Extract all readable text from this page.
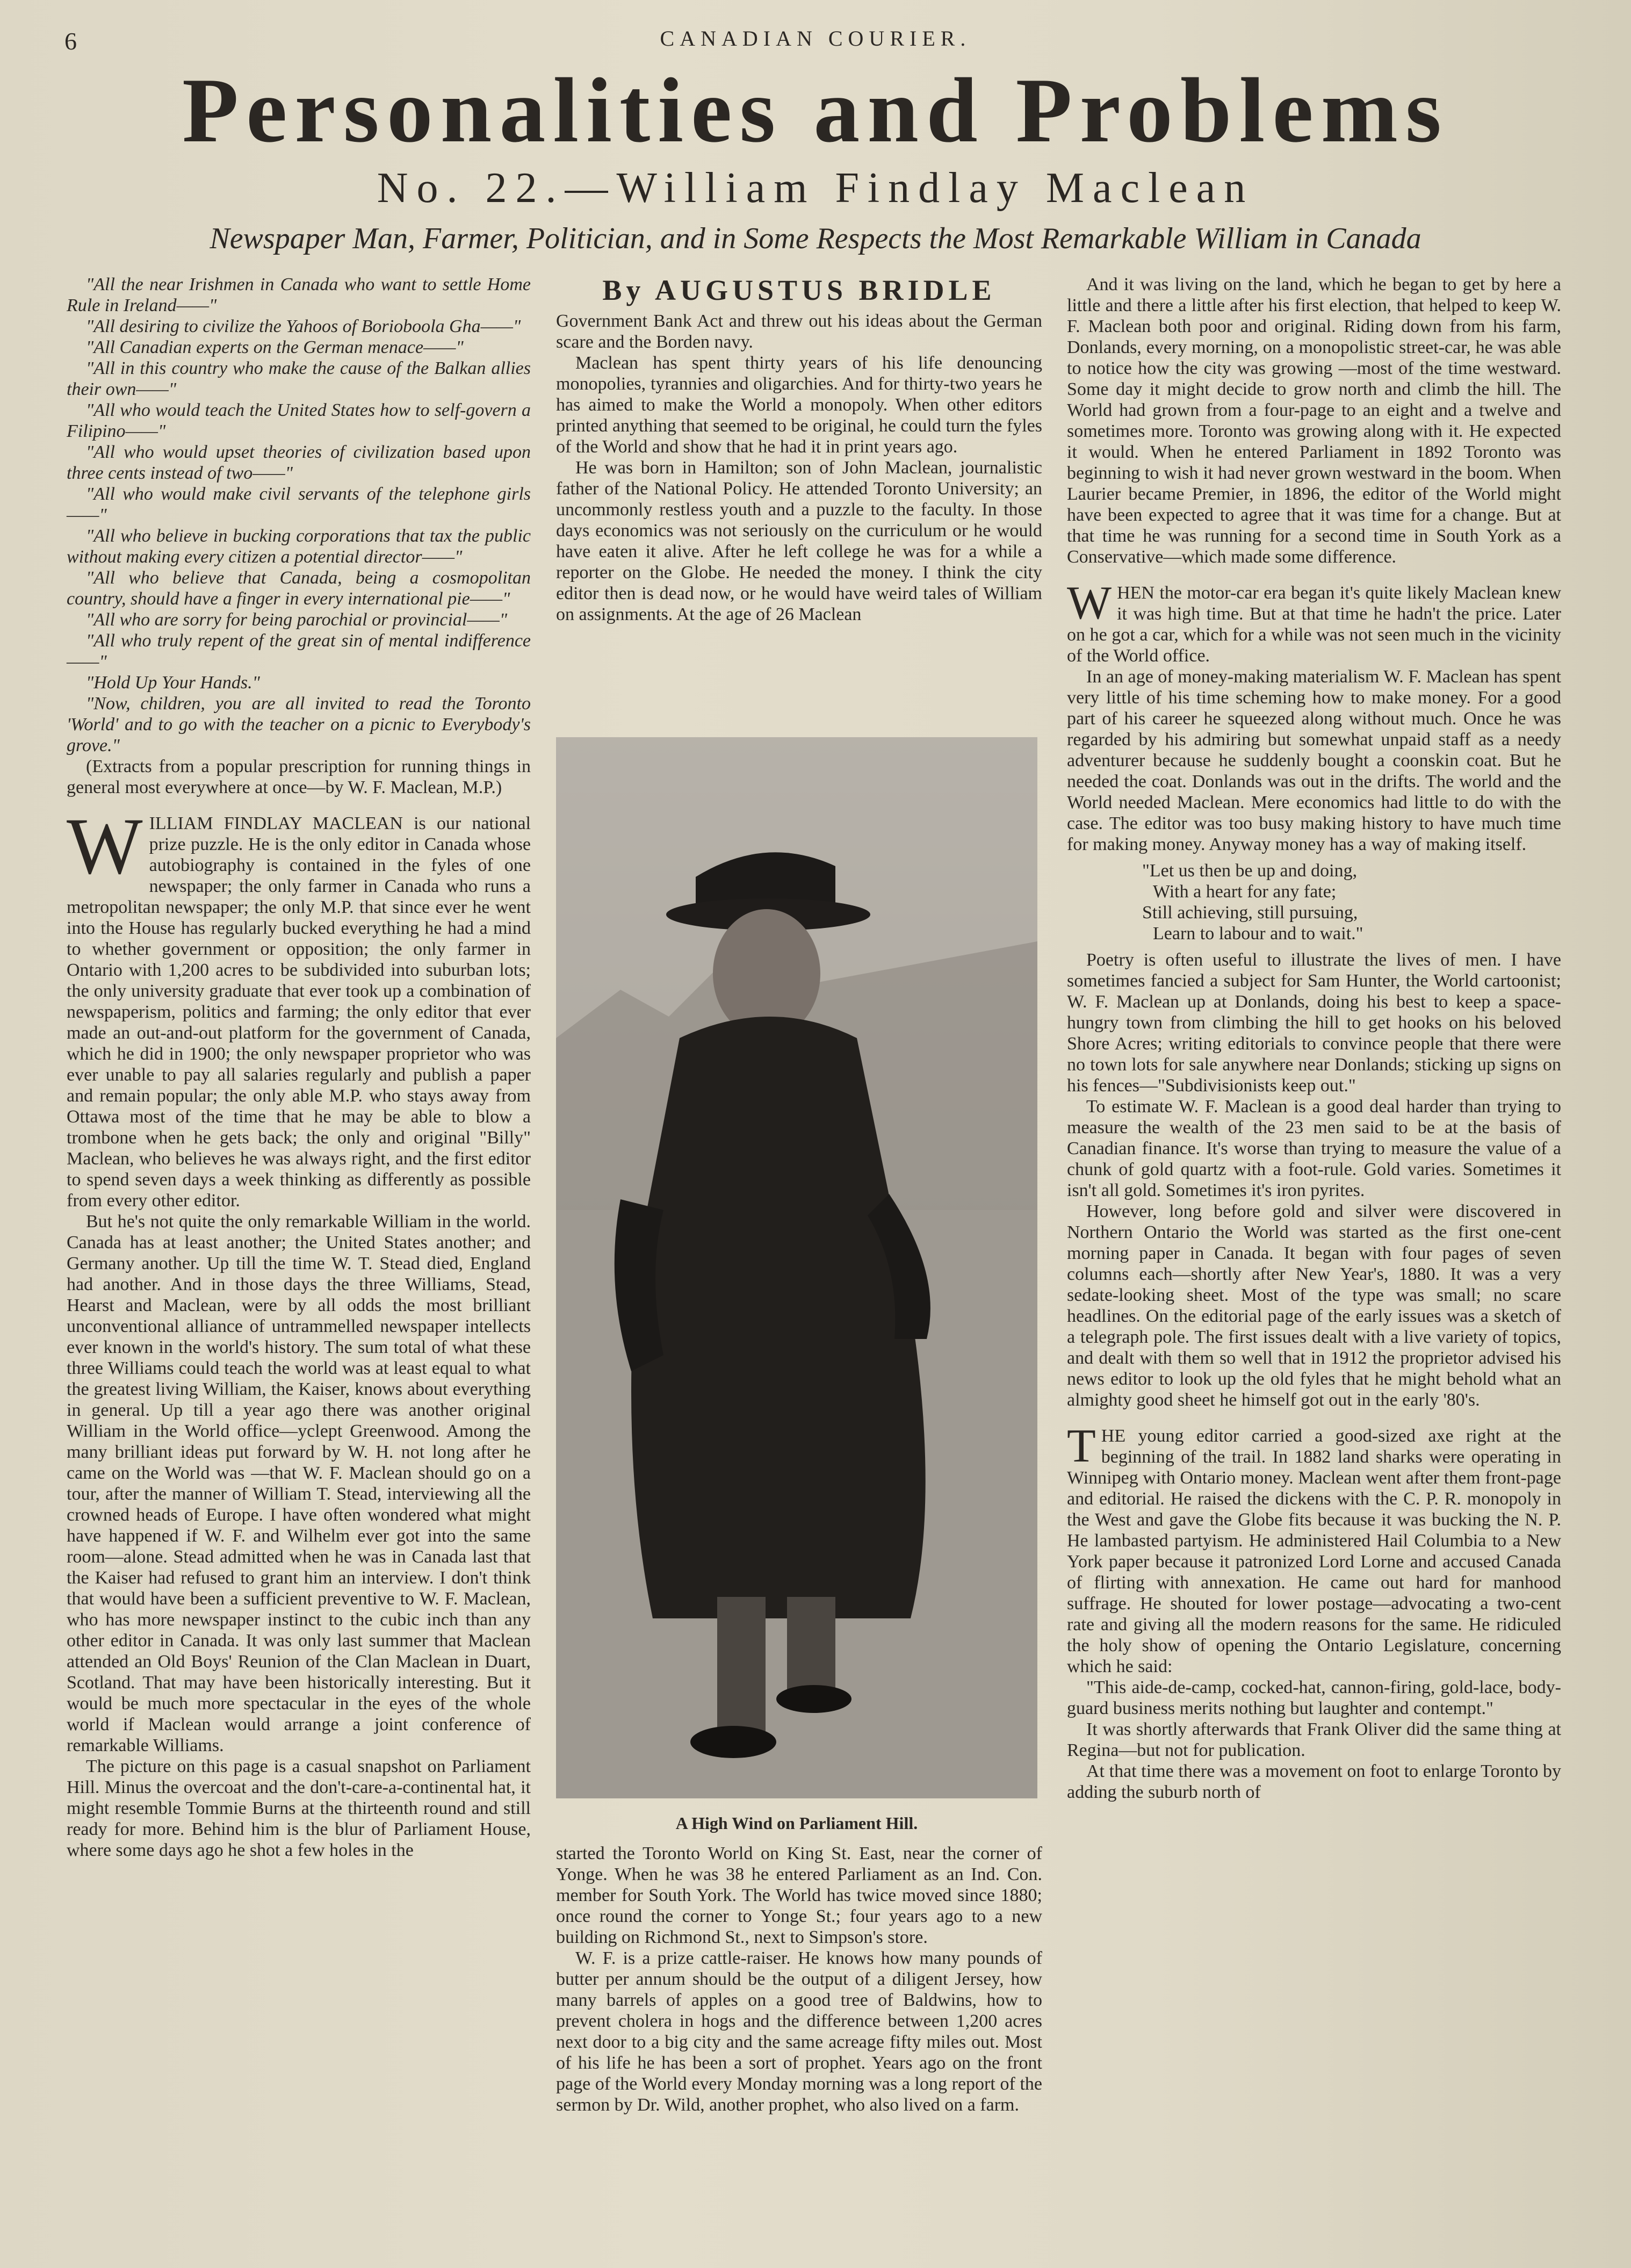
6	CANADIAN COURIER.
Personalities and Problems
No. 22.—William Findlay Maclean
Newspaper Man, Farmer, Politician, and in Some Respects the Most Remarkable William in Canada

"All the near Irishmen in Canada who want to settle Home Rule in Ireland——"

"All desiring to civilize the Yahoos of Borioboola Gha——"

"All Canadian experts on the German menace——"

"All in this country who make the cause of the Balkan allies their own——"

"All who would teach the United States how to self-govern a Filipino——"

"All who would upset theories of civilization based upon three cents instead of two——"

"All who would make civil servants of the telephone girls——"

"All who believe in bucking corporations that tax the public without making every citizen a potential director——"

"All who believe that Canada, being a cosmopolitan country, should have a finger in every international pie——"

"All who are sorry for being parochial or provincial——"

"All who truly repent of the great sin of mental indifference——"

"Hold Up Your Hands."

"Now, children, you are all invited to read the Toronto 'World' and to go with the teacher on a picnic to Everybody's grove."

(Extracts from a popular prescription for running things in general most everywhere at once—by W. F. Maclean, M.P.)

WILLIAM FINDLAY MACLEAN is our national prize puzzle. He is the only editor in Canada whose autobiography is contained in the fyles of one newspaper; the only farmer in Canada who runs a metropolitan newspaper; the only M.P. that since ever he went into the House has regularly bucked everything he had a mind to whether government or opposition; the only farmer in Ontario with 1,200 acres to be subdivided into suburban lots; the only university graduate that ever took up a combination of newspaperism, politics and farming; the only editor that ever made an out-and-out platform for the government of Canada, which he did in 1900; the only newspaper proprietor who was ever unable to pay all salaries regularly and publish a paper and remain popular; the only able M.P. who stays away from Ottawa most of the time that he may be able to blow a trombone when he gets back; the only and original "Billy" Maclean, who believes he was always right, and the first editor to spend seven days a week thinking as differently as possible from every other editor.

But he's not quite the only remarkable William in the world. Canada has at least another; the United States another; and Germany another. Up till the time W. T. Stead died, England had another. And in those days the three Williams, Stead, Hearst and Maclean, were by all odds the most brilliant unconventional alliance of untrammelled newspaper intellects ever known in the world's history. The sum total of what these three Williams could teach the world was at least equal to what the greatest living William, the Kaiser, knows about everything in general. Up till a year ago there was another original William in the World office—yclept Greenwood. Among the many brilliant ideas put forward by W. H. not long after he came on the World was —that W. F. Maclean should go on a tour, after the manner of William T. Stead, interviewing all the crowned heads of Europe. I have often wondered what might have happened if W. F. and Wilhelm ever got into the same room—alone. Stead admitted when he was in Canada last that the Kaiser had refused to grant him an interview. I don't think that would have been a sufficient preventive to W. F. Maclean, who has more newspaper instinct to the cubic inch than any other editor in Canada. It was only last summer that Maclean attended an Old Boys' Reunion of the Clan Maclean in Duart, Scotland. That may have been historically interesting. But it would be much more spectacular in the eyes of the whole world if Maclean would arrange a joint conference of remarkable Williams.

The picture on this page is a casual snapshot on Parliament Hill. Minus the overcoat and the don't-care-a-continental hat, it might resemble Tommie Burns at the thirteenth round and still ready for more. Behind him is the blur of Parliament House, where some days ago he shot a few holes in the

By AUGUSTUS BRIDLE

Government Bank Act and threw out his ideas about the German scare and the Borden navy.

Maclean has spent thirty years of his life denouncing monopolies, tyrannies and oligarchies. And for thirty-two years he has aimed to make the World a monopoly. When other editors printed anything that seemed to be original, he could turn the fyles of the World and show that he had it in print years ago.

He was born in Hamilton; son of John Maclean, journalistic father of the National Policy. He attended Toronto University; an uncommonly restless youth and a puzzle to the faculty. In those days economics was not seriously on the curriculum or he would have eaten it alive. After he left college he was for a while a reporter on the Globe. He needed the money. I think the city editor then is dead now, or he would have weird tales of William on assignments. At the age of 26 Maclean

A High Wind on Parliament Hill.

started the Toronto World on King St. East, near the corner of Yonge. When he was 38 he entered Parliament as an Ind. Con. member for South York. The World has twice moved since 1880; once round the corner to Yonge St.; four years ago to a new building on Richmond St., next to Simpson's store.

W. F. is a prize cattle-raiser. He knows how many pounds of butter per annum should be the output of a diligent Jersey, how many barrels of apples on a good tree of Baldwins, how to prevent cholera in hogs and the difference between 1,200 acres next door to a big city and the same acreage fifty miles out. Most of his life he has been a sort of prophet. Years ago on the front page of the World every Monday morning was a long report of the sermon by Dr. Wild, another prophet, who also lived on a farm.

And it was living on the land, which he began to get by here a little and there a little after his first election, that helped to keep W. F. Maclean both poor and original. Riding down from his farm, Donlands, every morning, on a monopolistic street-car, he was able to notice how the city was growing —most of the time westward. Some day it might decide to grow north and climb the hill. The World had grown from a four-page to an eight and a twelve and sometimes more. Toronto was growing along with it. He expected it would. When he entered Parliament in 1892 Toronto was beginning to wish it had never grown westward in the boom. When Laurier became Premier, in 1896, the editor of the World might have been expected to agree that it was time for a change. But at that time he was running for a second time in South York as a Conservative—which made some difference.

WHEN the motor-car era began it's quite likely Maclean knew it was high time. But at that time he hadn't the price. Later on he got a car, which for a while was not seen much in the vicinity of the World office.

In an age of money-making materialism W. F. Maclean has spent very little of his time scheming how to make money. For a good part of his career he squeezed along without much. Once he was regarded by his admiring but somewhat unpaid staff as a needy adventurer because he suddenly bought a coonskin coat. But he needed the coat. Donlands was out in the drifts. The world and the World needed Maclean. Mere economics had little to do with the case. The editor was too busy making history to have much time for making money. Anyway money has a way of making itself.

"Let us then be up and doing,
With a heart for any fate;
Still achieving, still pursuing,
Learn to labour and to wait."

Poetry is often useful to illustrate the lives of men. I have sometimes fancied a subject for Sam Hunter, the World cartoonist; W. F. Maclean up at Donlands, doing his best to keep a space-hungry town from climbing the hill to get hooks on his beloved Shore Acres; writing editorials to convince people that there were no town lots for sale anywhere near Donlands; sticking up signs on his fences—"Subdivisionists keep out."

To estimate W. F. Maclean is a good deal harder than trying to measure the wealth of the 23 men said to be at the basis of Canadian finance. It's worse than trying to measure the value of a chunk of gold quartz with a foot-rule. Gold varies. Sometimes it isn't all gold. Sometimes it's iron pyrites.

However, long before gold and silver were discovered in Northern Ontario the World was started as the first one-cent morning paper in Canada. It began with four pages of seven columns each—shortly after New Year's, 1880. It was a very sedate-looking sheet. Most of the type was small; no scare headlines. On the editorial page of the early issues was a sketch of a telegraph pole. The first issues dealt with a live variety of topics, and dealt with them so well that in 1912 the proprietor advised his news editor to look up the old fyles that he might behold what an almighty good sheet he himself got out in the early '80's.

THE young editor carried a good-sized axe right at the beginning of the trail. In 1882 land sharks were operating in Winnipeg with Ontario money. Maclean went after them front-page and editorial. He raised the dickens with the C. P. R. monopoly in the West and gave the Globe fits because it was bucking the N. P. He lambasted partyism. He administered Hail Columbia to a New York paper because it patronized Lord Lorne and accused Canada of flirting with annexation. He came out hard for manhood suffrage. He shouted for lower postage—advocating a two-cent rate and giving all the modern reasons for the same. He ridiculed the holy show of opening the Ontario Legislature, concerning which he said:

"This aide-de-camp, cocked-hat, cannon-firing, gold-lace, body-guard business merits nothing but laughter and contempt."

It was shortly afterwards that Frank Oliver did the same thing at Regina—but not for publication.

At that time there was a movement on foot to enlarge Toronto by adding the suburb north of
